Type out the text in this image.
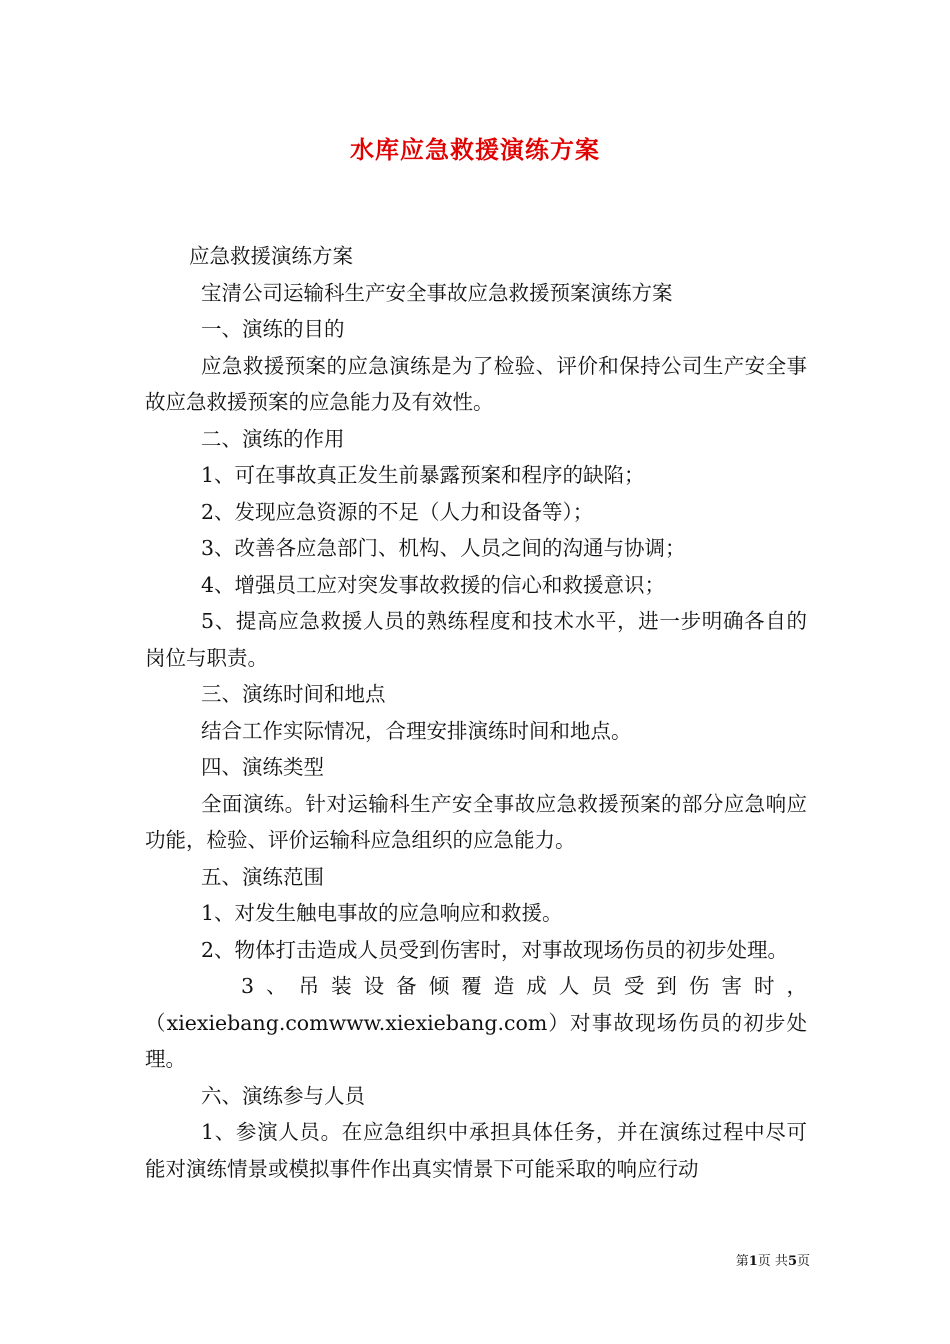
水库应急救援演练方案

应急救援演练方案

宝清公司运输科生产安全事故应急救援预案演练方案

一、演练的目的

应急救援预案的应急演练是为了检验、评价和保持公司生产安全事故应急救援预案的应急能力及有效性。

二、演练的作用

1、可在事故真正发生前暴露预案和程序的缺陷；

2、发现应急资源的不足（人力和设备等）；

3、改善各应急部门、机构、人员之间的沟通与协调；

4、增强员工应对突发事故救援的信心和救援意识；

5、提高应急救援人员的熟练程度和技术水平，进一步明确各自的岗位与职责。

三、演练时间和地点

结合工作实际情况，合理安排演练时间和地点。

四、演练类型

全面演练。针对运输科生产安全事故应急救援预案的部分应急响应功能，检验、评价运输科应急组织的应急能力。

五、演练范围

1、对发生触电事故的应急响应和救援。

2、物体打击造成人员受到伤害时，对事故现场伤员的初步处理。

3、吊装设备倾覆造成人员受到伤害时，（xiexiebang.comwww.xiexiebang.com）对事故现场伤员的初步处理。

六、演练参与人员

1、参演人员。在应急组织中承担具体任务，并在演练过程中尽可能对演练情景或模拟事件作出真实情景下可能采取的响应行动

第1页 共5页
